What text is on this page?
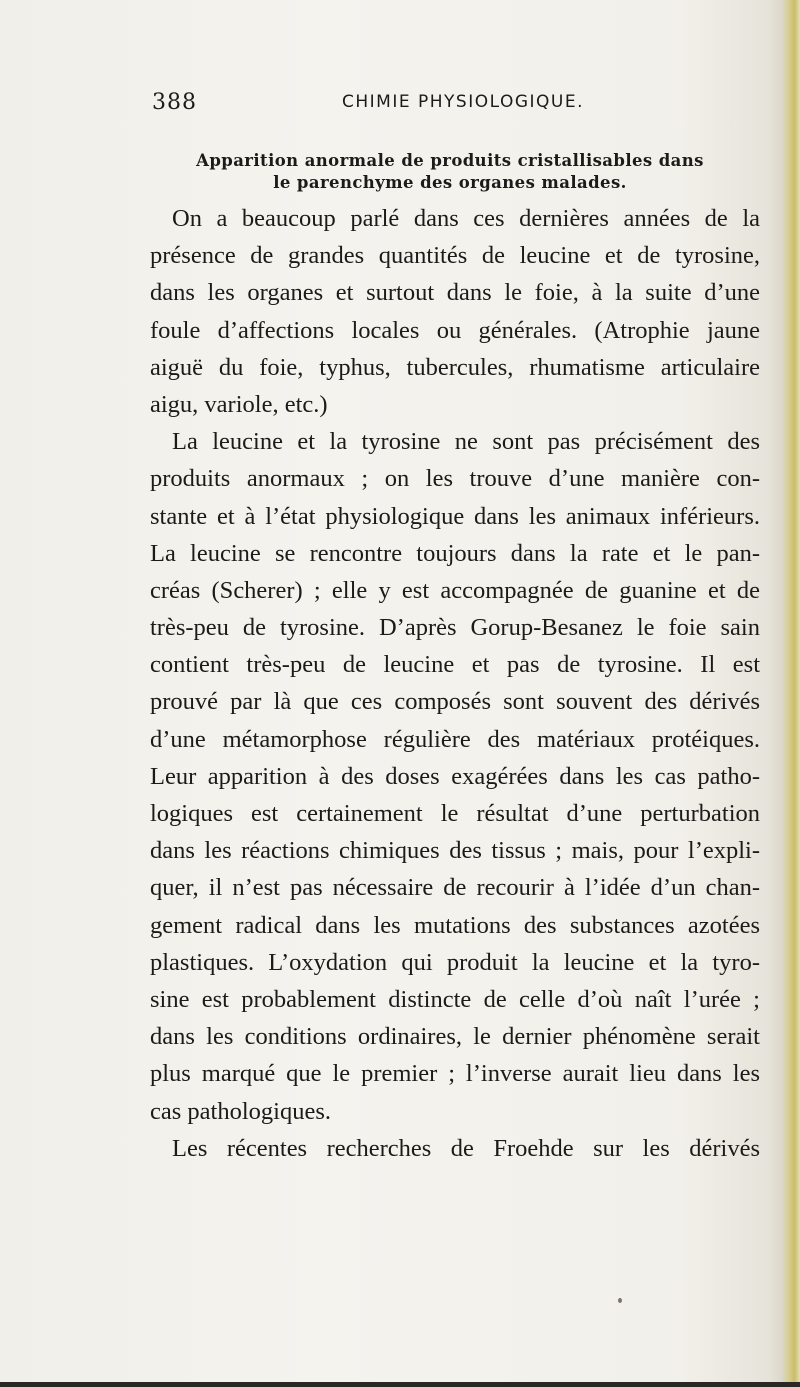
388	CHIMIE PHYSIOLOGIQUE.
Apparition anormale de produits cristallisables dans
le parenchyme des organes malades.
On a beaucoup parlé dans ces dernières années de la
présence de grandes quantités de leucine et de tyrosine,
dans les organes et surtout dans le foie, à la suite d’une
foule d’affections locales ou générales. (Atrophie jaune
aiguë du foie, typhus, tubercules, rhumatisme articulaire
aigu, variole, etc.)
La leucine et la tyrosine ne sont pas précisément des
produits anormaux ; on les trouve d’une manière con-
stante et à l’état physiologique dans les animaux inférieurs.
La leucine se rencontre toujours dans la rate et le pan-
créas (Scherer) ; elle y est accompagnée de guanine et de
très-peu de tyrosine. D’après Gorup-Besanez le foie sain
contient très-peu de leucine et pas de tyrosine. Il est
prouvé par là que ces composés sont souvent des dérivés
d’une métamorphose régulière des matériaux protéiques.
Leur apparition à des doses exagérées dans les cas patho-
logiques est certainement le résultat d’une perturbation
dans les réactions chimiques des tissus ; mais, pour l’expli-
quer, il n’est pas nécessaire de recourir à l’idée d’un chan-
gement radical dans les mutations des substances azotées
plastiques. L’oxydation qui produit la leucine et la tyro-
sine est probablement distincte de celle d’où naît l’urée ;
dans les conditions ordinaires, le dernier phénomène serait
plus marqué que le premier ; l’inverse aurait lieu dans les
cas pathologiques.
Les récentes recherches de Froehde sur les dérivés
